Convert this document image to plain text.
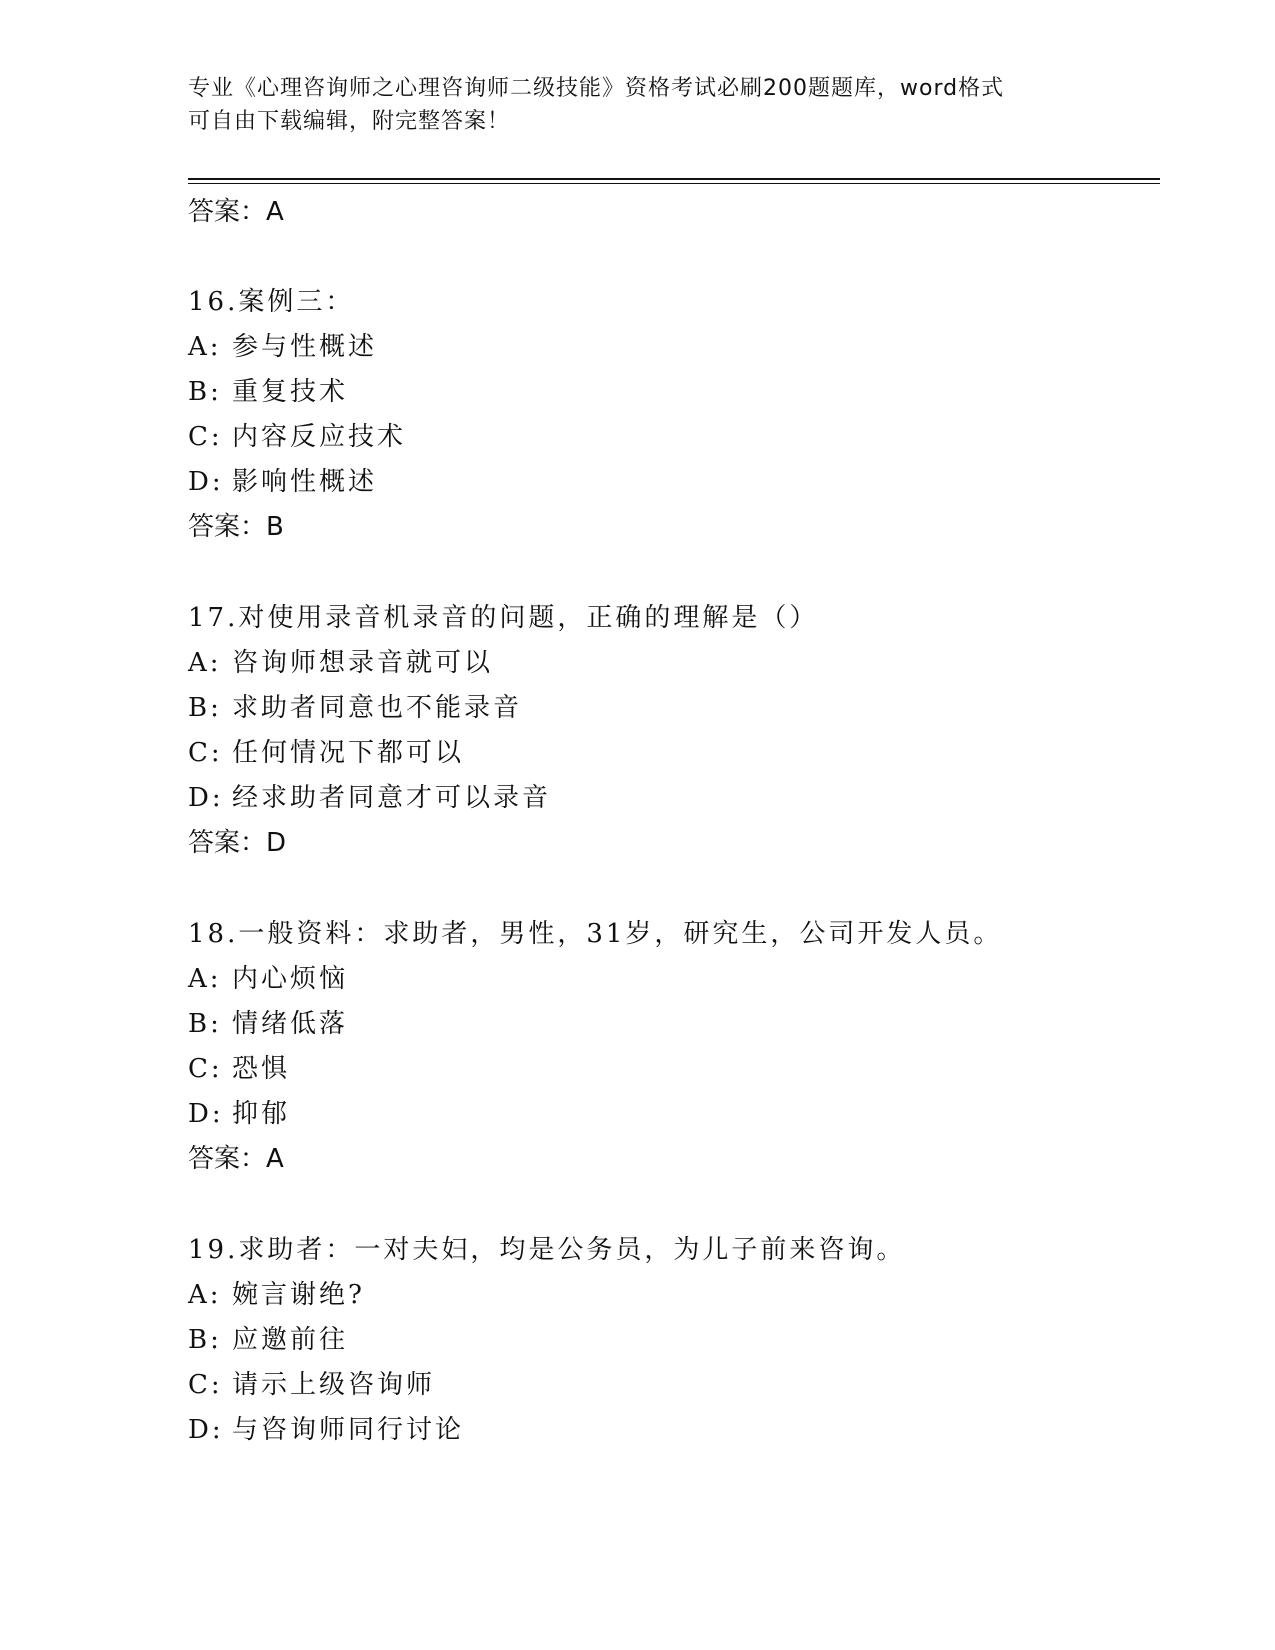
专业《心理咨询师之心理咨询师二级技能》资格考试必刷200题题库，word格式
可自由下载编辑，附完整答案！
答案：A
16.案例三：
A: 参与性概述
B: 重复技术
C: 内容反应技术
D: 影响性概述
答案：B
17.对使用录音机录音的问题，正确的理解是（）
A: 咨询师想录音就可以
B: 求助者同意也不能录音
C: 任何情况下都可以
D: 经求助者同意才可以录音
答案：D
18.一般资料：求助者，男性，31岁，研究生，公司开发人员。
A: 内心烦恼
B: 情绪低落
C: 恐惧
D: 抑郁
答案：A
19.求助者：一对夫妇，均是公务员，为儿子前来咨询。
A: 婉言谢绝?
B: 应邀前往
C: 请示上级咨询师
D: 与咨询师同行讨论
